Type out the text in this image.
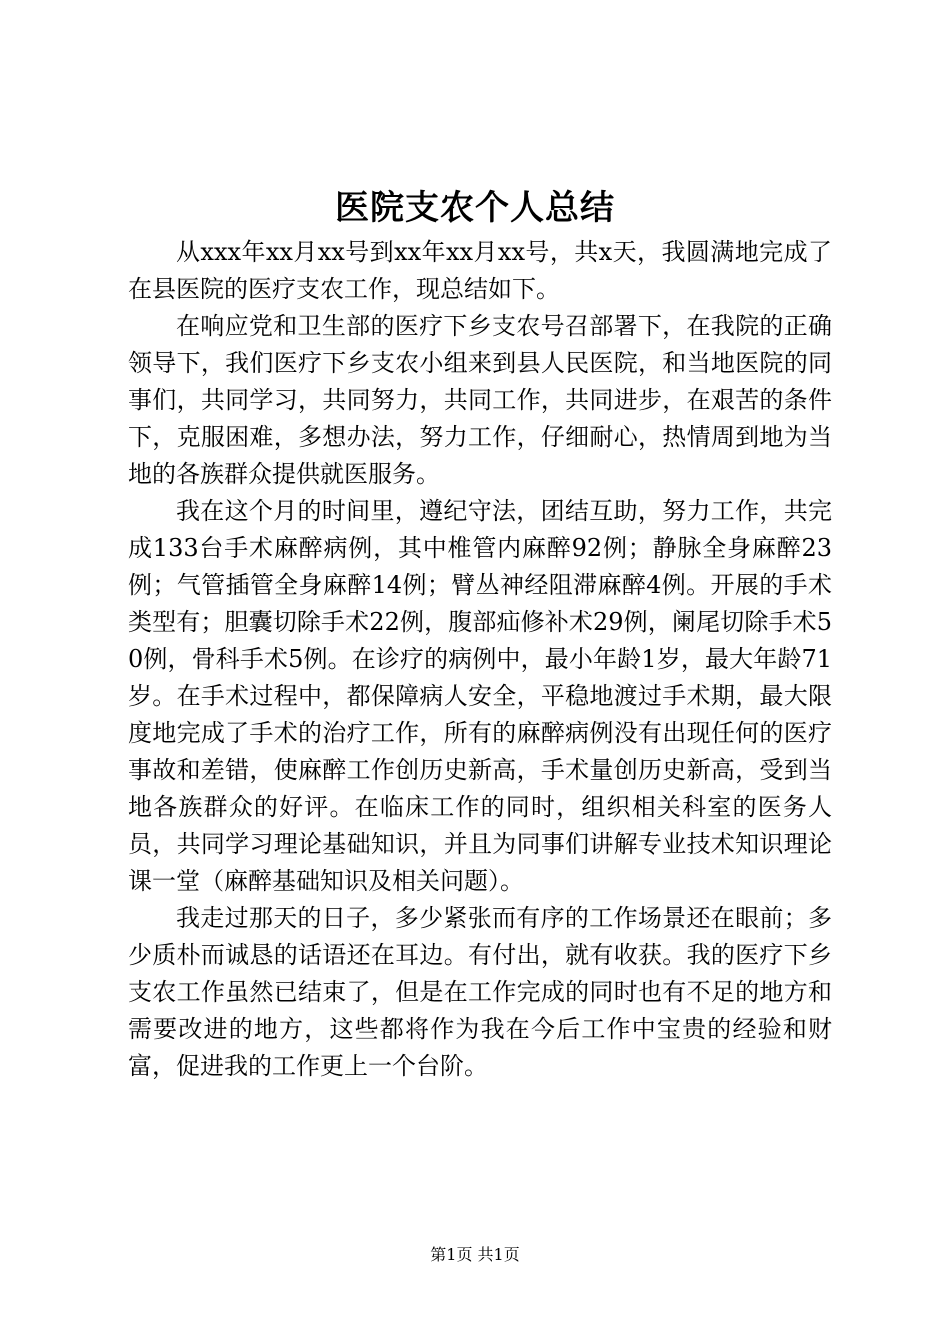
医院支农个人总结

从xxx年xx月xx号到xx年xx月xx号，共x天，我圆满地完成了在县医院的医疗支农工作，现总结如下。

在响应党和卫生部的医疗下乡支农号召部署下，在我院的正确领导下，我们医疗下乡支农小组来到县人民医院，和当地医院的同事们，共同学习，共同努力，共同工作，共同进步，在艰苦的条件下，克服困难，多想办法，努力工作，仔细耐心，热情周到地为当地的各族群众提供就医服务。

我在这个月的时间里，遵纪守法，团结互助，努力工作，共完成133台手术麻醉病例，其中椎管内麻醉92例；静脉全身麻醉23例；气管插管全身麻醉14例；臂丛神经阻滞麻醉4例。开展的手术类型有；胆囊切除手术22例，腹部疝修补术29例，阑尾切除手术50例，骨科手术5例。在诊疗的病例中，最小年龄1岁，最大年龄71岁。在手术过程中，都保障病人安全，平稳地渡过手术期，最大限度地完成了手术的治疗工作，所有的麻醉病例没有出现任何的医疗事故和差错，使麻醉工作创历史新高，手术量创历史新高，受到当地各族群众的好评。在临床工作的同时，组织相关科室的医务人员，共同学习理论基础知识，并且为同事们讲解专业技术知识理论课一堂（麻醉基础知识及相关问题）。

我走过那天的日子，多少紧张而有序的工作场景还在眼前；多少质朴而诚恳的话语还在耳边。有付出，就有收获。我的医疗下乡支农工作虽然已结束了，但是在工作完成的同时也有不足的地方和需要改进的地方，这些都将作为我在今后工作中宝贵的经验和财富，促进我的工作更上一个台阶。

第1页 共1页
